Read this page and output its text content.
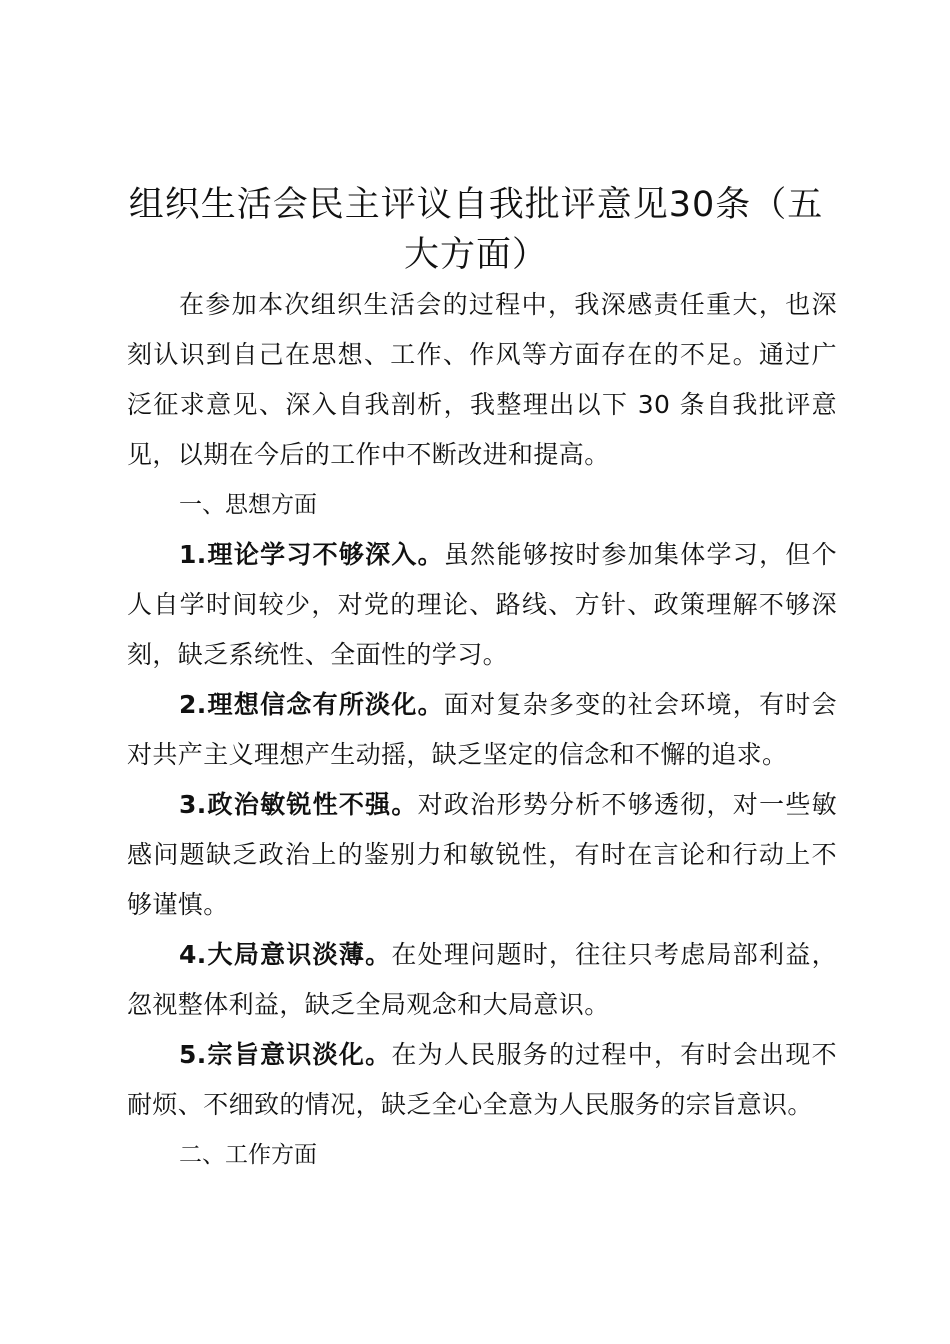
组织生活会民主评议自我批评意见30条（五大方面）

在参加本次组织生活会的过程中，我深感责任重大，也深刻认识到自己在思想、工作、作风等方面存在的不足。通过广泛征求意见、深入自我剖析，我整理出以下 30 条自我批评意见，以期在今后的工作中不断改进和提高。

一、思想方面

1.理论学习不够深入。虽然能够按时参加集体学习，但个人自学时间较少，对党的理论、路线、方针、政策理解不够深刻，缺乏系统性、全面性的学习。

2.理想信念有所淡化。面对复杂多变的社会环境，有时会对共产主义理想产生动摇，缺乏坚定的信念和不懈的追求。

3.政治敏锐性不强。对政治形势分析不够透彻，对一些敏感问题缺乏政治上的鉴别力和敏锐性，有时在言论和行动上不够谨慎。

4.大局意识淡薄。在处理问题时，往往只考虑局部利益，忽视整体利益，缺乏全局观念和大局意识。

5.宗旨意识淡化。在为人民服务的过程中，有时会出现不耐烦、不细致的情况，缺乏全心全意为人民服务的宗旨意识。

二、工作方面
